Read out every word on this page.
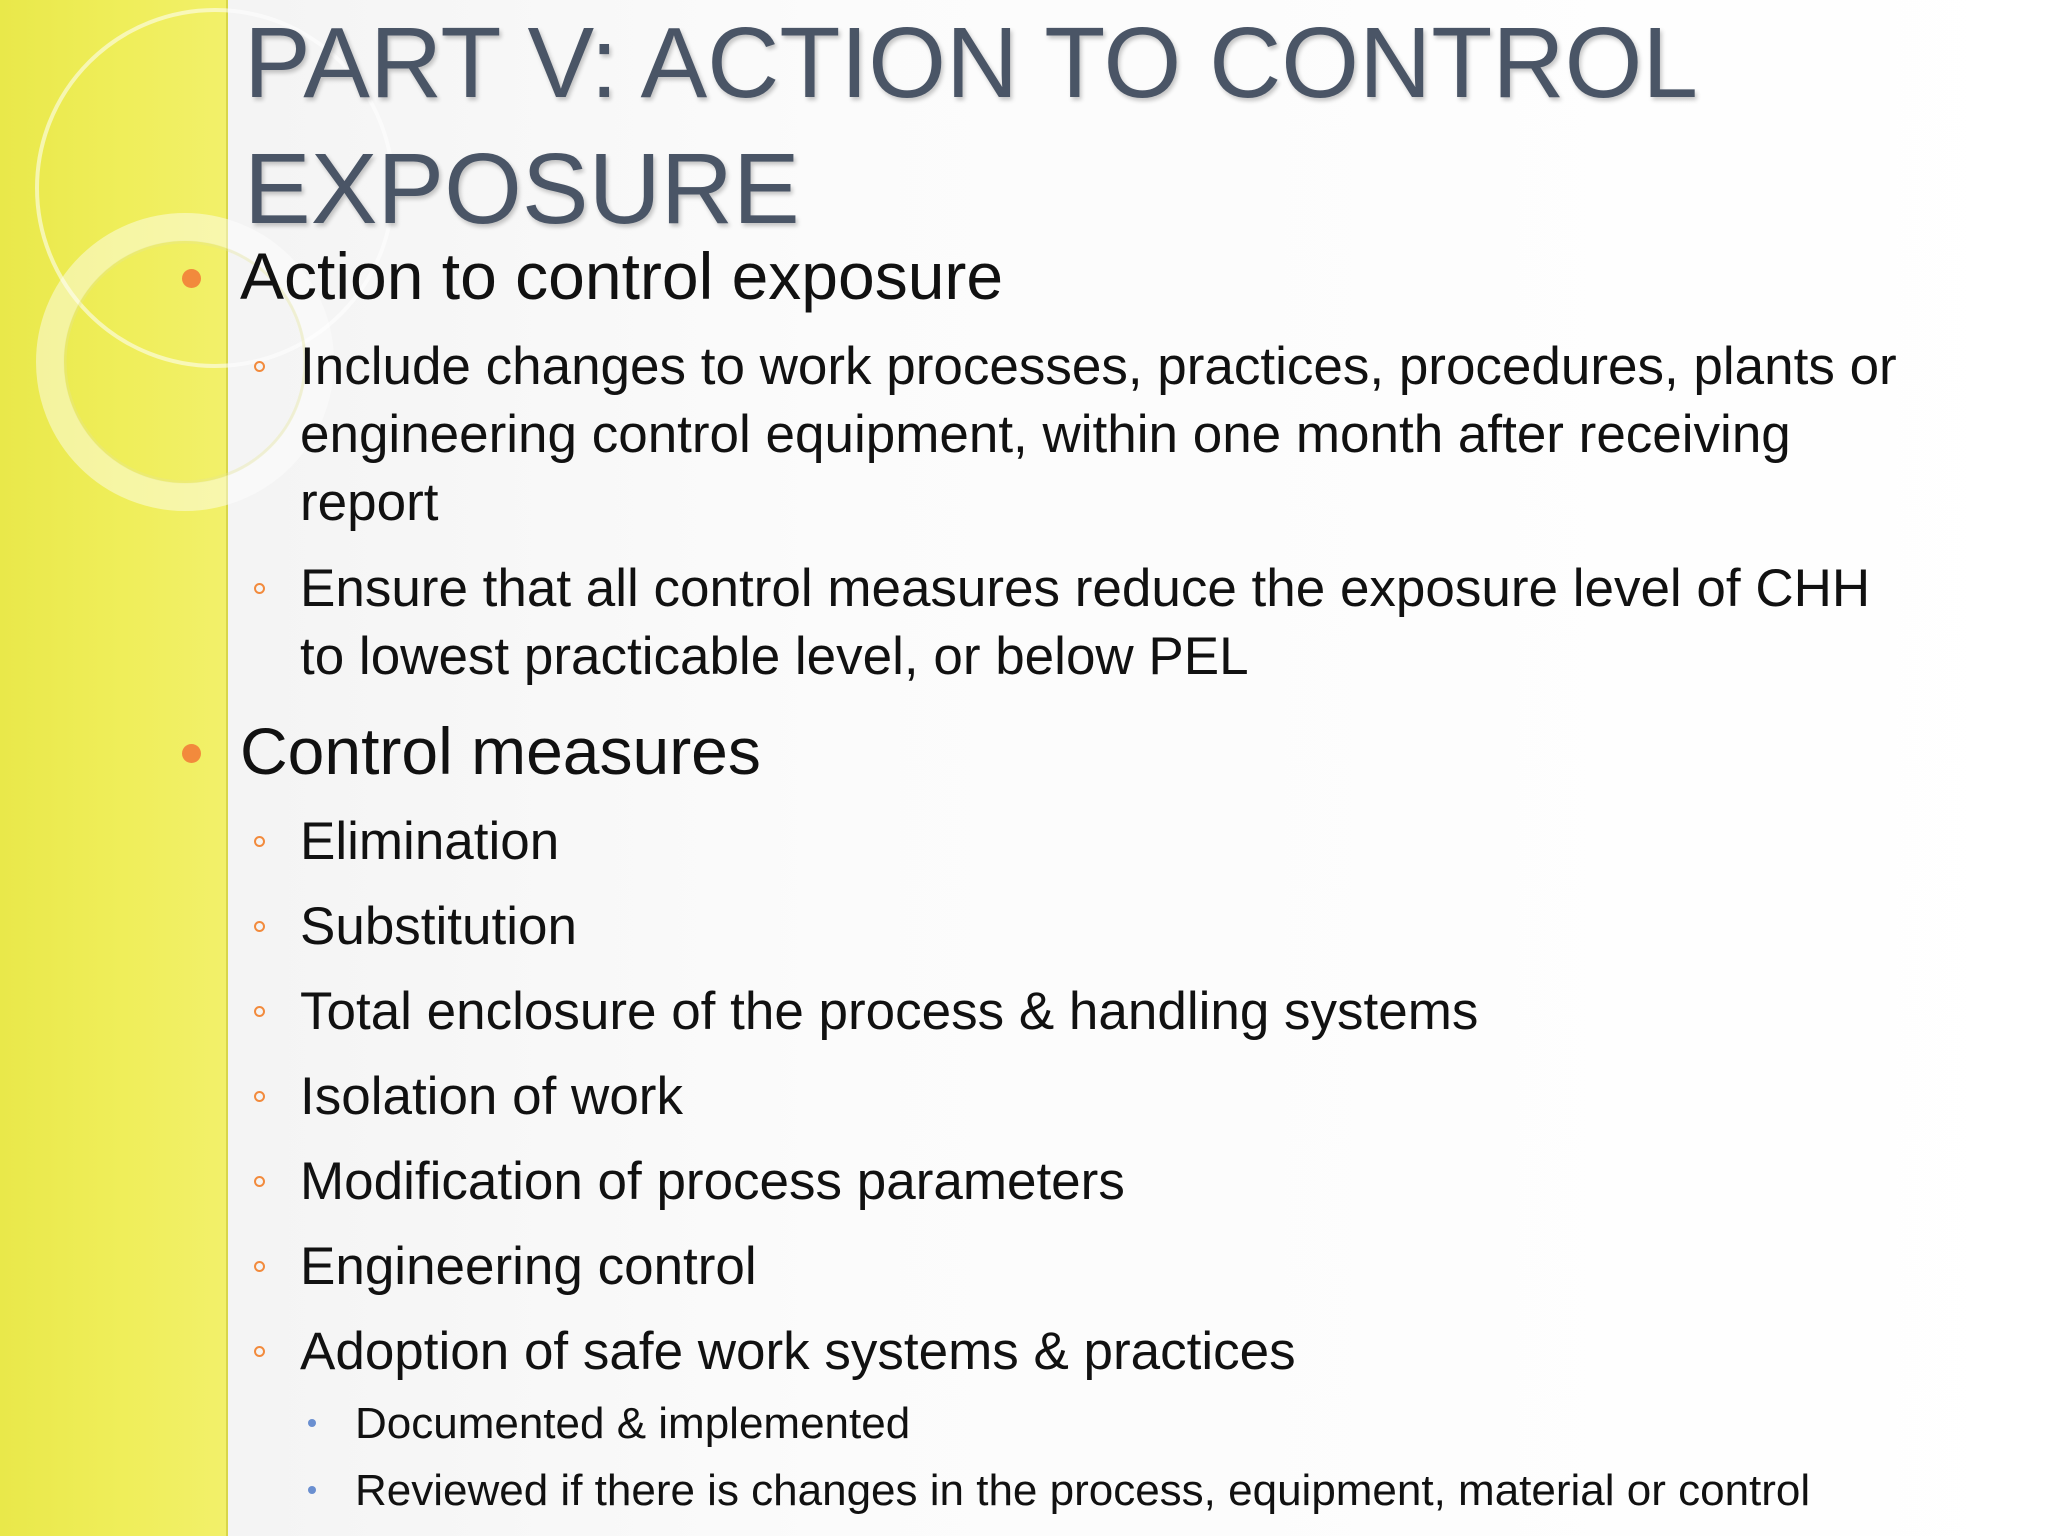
PART V: ACTION TO CONTROL
EXPOSURE
Action to control exposure
Include changes to work processes, practices, procedures, plants or
engineering control equipment, within one month after receiving
report
Ensure that all control measures reduce the exposure level of CHH
to lowest practicable level, or below PEL
Control measures
Elimination
Substitution
Total enclosure of the process & handling systems
Isolation of work
Modification of process parameters
Engineering control
Adoption of safe work systems & practices
Documented & implemented
Reviewed if there is changes in the process, equipment, material or control
